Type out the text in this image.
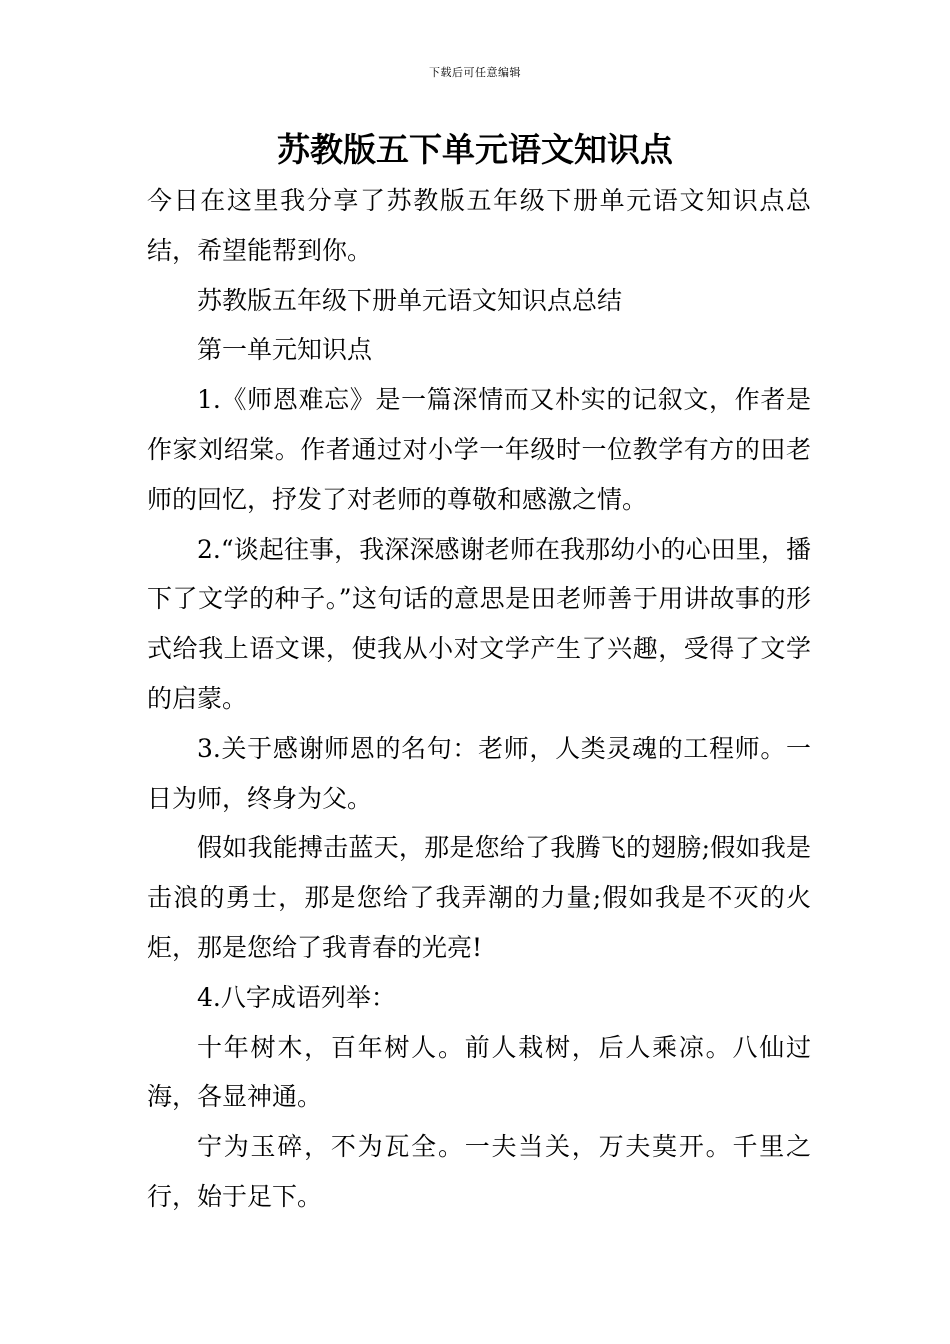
下载后可任意编辑
苏教版五下单元语文知识点

今日在这里我分享了苏教版五年级下册单元语文知识点总结，希望能帮到你。

苏教版五年级下册单元语文知识点总结

第一单元知识点

1.《师恩难忘》是一篇深情而又朴实的记叙文，作者是作家刘绍棠。作者通过对小学一年级时一位教学有方的田老师的回忆，抒发了对老师的尊敬和感激之情。

2.“谈起往事，我深深感谢老师在我那幼小的心田里，播下了文学的种子。”这句话的意思是田老师善于用讲故事的形式给我上语文课，使我从小对文学产生了兴趣，受得了文学的启蒙。

3.关于感谢师恩的名句：老师，人类灵魂的工程师。一日为师，终身为父。

假如我能搏击蓝天，那是您给了我腾飞的翅膀;假如我是击浪的勇士，那是您给了我弄潮的力量;假如我是不灭的火炬，那是您给了我青春的光亮!

4.八字成语列举：

十年树木，百年树人。前人栽树，后人乘凉。八仙过海，各显神通。

宁为玉碎，不为瓦全。一夫当关，万夫莫开。千里之行，始于足下。
